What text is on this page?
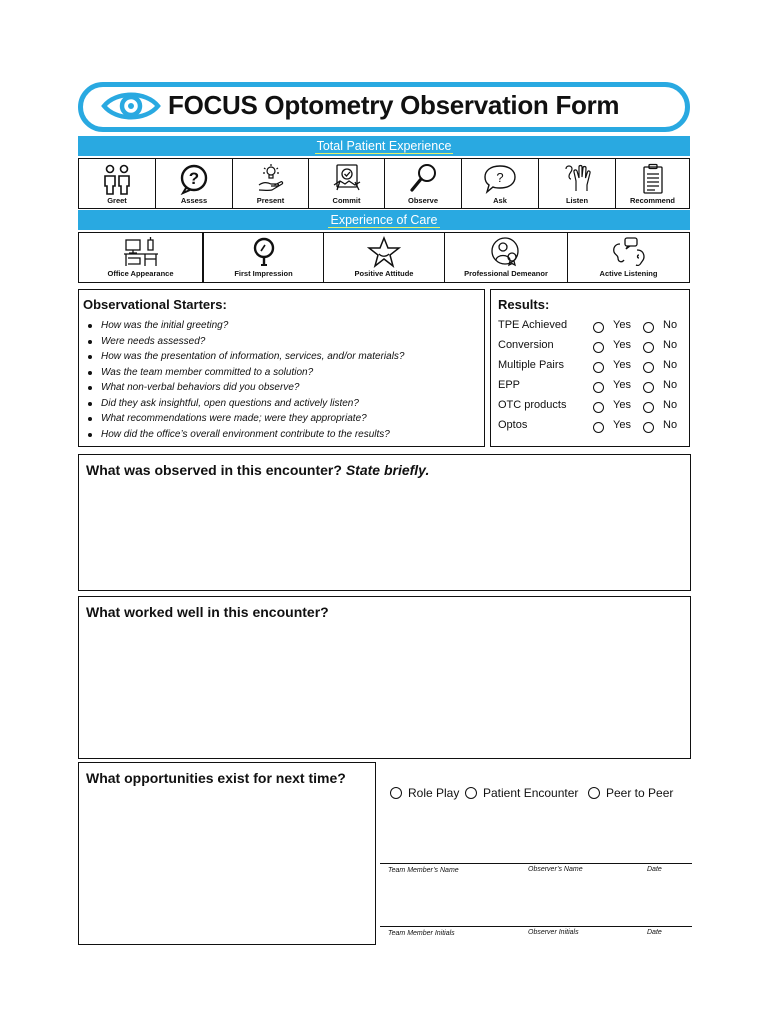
FOCUS Optometry Observation Form
Total Patient Experience
Greet
?
Assess	Present	Commit	Observe
?
Ask	Listen	Recommend
Experience of Care
Office Appearance	First Impression	Positive Attitude	Professional Demeanor	Active Listening
Observational Starters:
How was the initial greeting?
Were needs assessed?
How was the presentation of information, services, and/or materials?
Was the team member committed to a solution?
What non-verbal behaviors did you observe?
Did they ask insightful, open questions and actively listen?
What recommendations were made; were they appropriate?
How did the office’s overall environment contribute to the results?
Results:
TPE Achieved	Yes	No
Conversion	Yes	No
Multiple Pairs	Yes	No
EPP	Yes	No
OTC products	Yes	No
Optos	Yes	No
What was observed in this encounter? State briefly.
What worked well in this encounter?
What opportunities exist for next time?
Role Play	Patient Encounter	Peer to Peer
Team Member’s Name	Observer’s Name	Date
Team Member Initials	Observer Initials	Date
